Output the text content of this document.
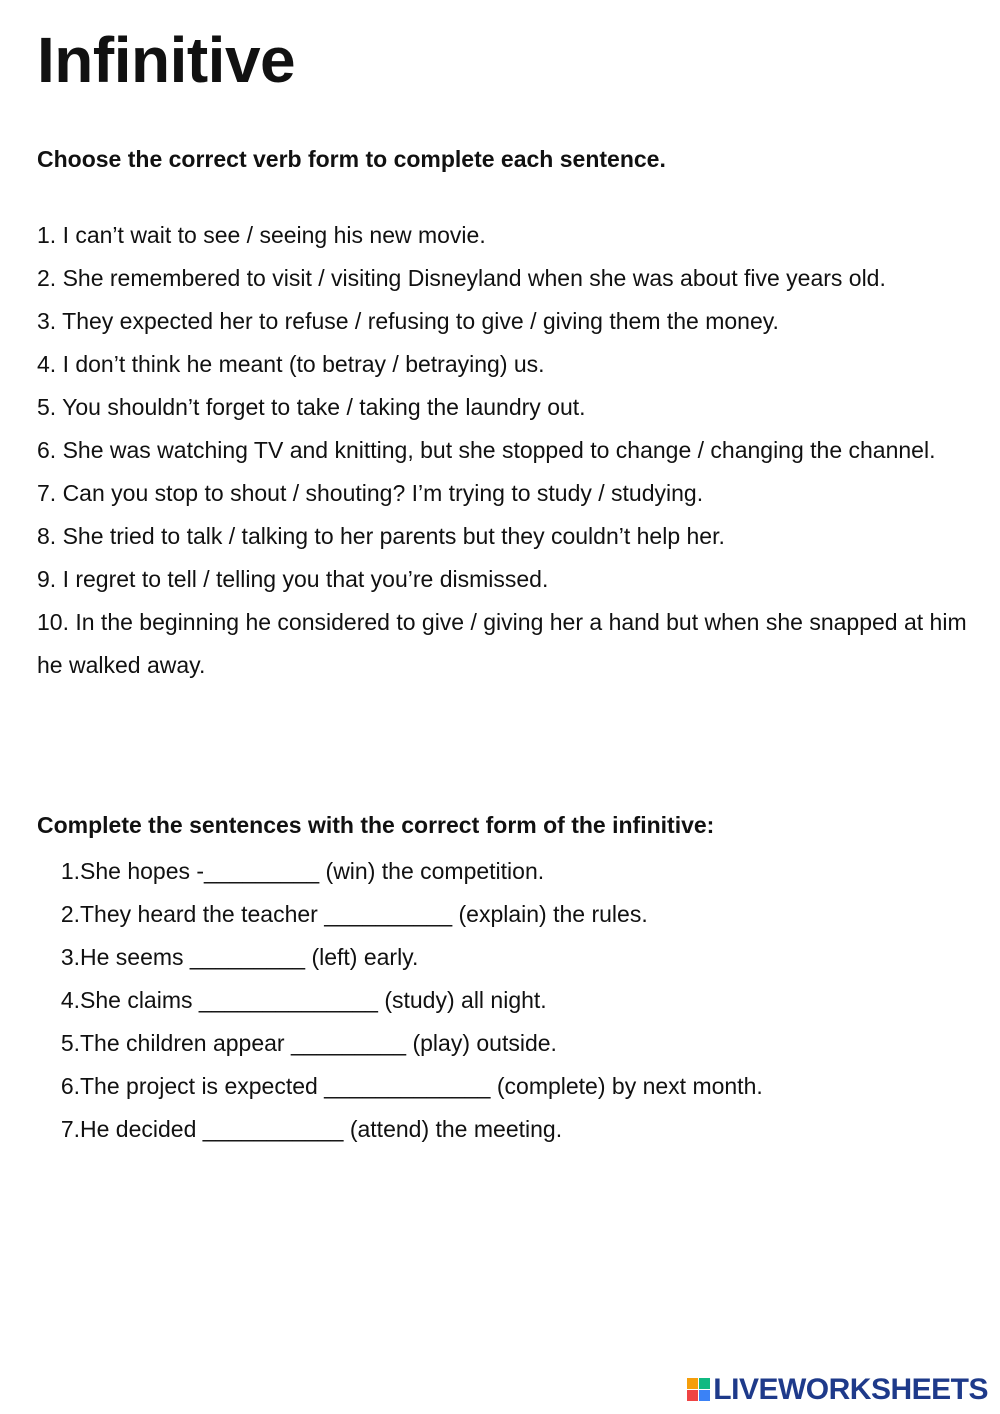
Infinitive
Choose the correct verb form to complete each sentence.
1. I can’t wait to see / seeing his new movie.
2. She remembered to visit / visiting Disneyland when she was about five years old.
3. They expected her to refuse / refusing to give / giving them the money.
4. I don’t think he meant (to betray / betraying) us.
5. You shouldn’t forget to take / taking the laundry out.
6. She was watching TV and knitting, but she stopped to change / changing the channel.
7. Can you stop to shout / shouting? I’m trying to study / studying.
8. She tried to talk / talking to her parents but they couldn’t help her.
9. I regret to tell / telling you that you’re dismissed.
10. In the beginning he considered to give / giving her a hand but when she snapped at him he walked away.
Complete the sentences with the correct form of the infinitive:
1. She hopes -_________ (win) the competition.
2. They heard the teacher __________ (explain) the rules.
3. He seems _________ (left) early.
4. She claims ______________ (study) all night.
5. The children appear _________ (play) outside.
6. The project is expected _____________ (complete) by next month.
7. He decided ___________ (attend) the meeting.
LIVEWORKSHEETS
